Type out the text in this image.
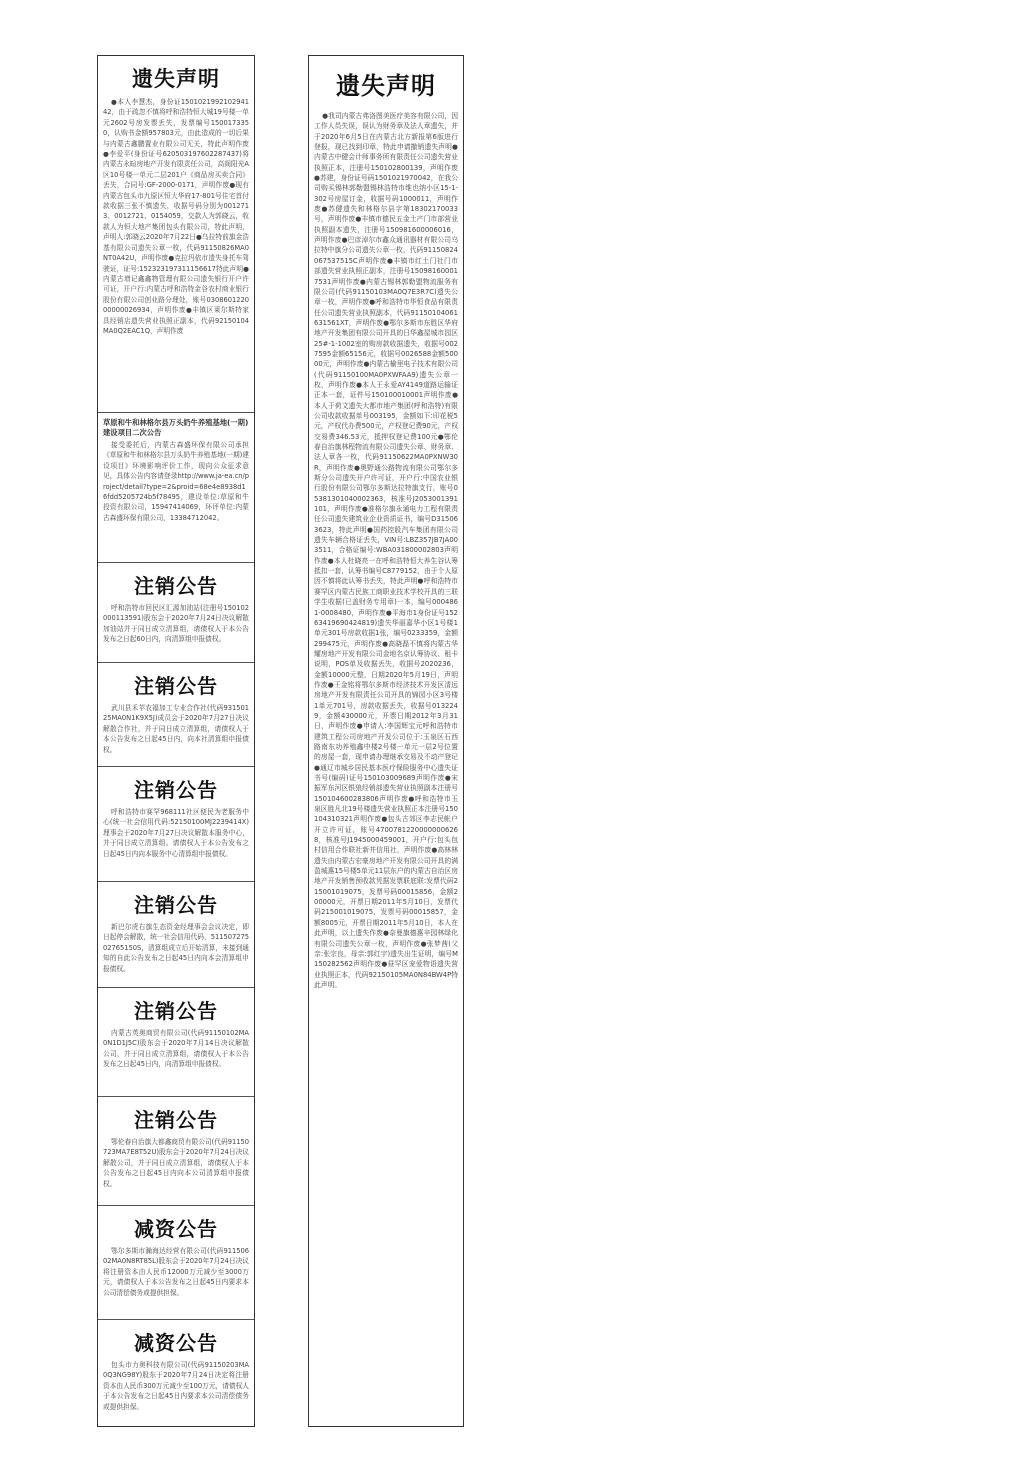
遗失声明

●本人李慧杰，身份证150102199210294142，由于疏忽不慎将呼和浩特恒大城19号楼一单元2602号房发票丢失，发票编号1500173350，认购书金额957803元，由此造成的一切后果与内蒙古鑫鹏置业有限公司无关，特此声明作废●李爱平(身份证号620503197602287437)将内蒙古永暄房地产开发有限责任公司，高阁阳光A区10号楼一单元二层201户《商品房买卖合同》丢失，合同号:GF-2000-0171，声明作废●现有内蒙古包头市九原区恒大华府17-801号住宅首付款收据三张不慎遗失，收据号码分别为0012713、0012721、0154059，交款人为郭晓云，收款人为恒大地产集团包头有限公司，特此声明，声明人:郭晓云2020年7月22日●乌拉特前旗金浩基有限公司遗失公章一枚，代码91150826MA0NT0A42U，声明作废●克拉玛依市遗失身托车驾驶证，证号:152323197311156617特此声明●内蒙古增记鑫鑫物管理有限公司遗失银行开户许可证，开户行:内蒙古呼和浩特金谷农村商业银行股份有限公司创业路分理处，账号030860122000000026934，声明作废●丰镇区莱尔斯特家具经销店遗失营业执照正副本，代码92150104MA0Q2EAC1Q，声明作废

草原和牛和林格尔县万头奶牛养殖基地(一期)建设项目二次公告

接受委托后，内蒙古森盛环保有限公司承担《草原和牛和林格尔县万头奶牛养殖基地(一期)建设项目》环境影响评价工作，现向公众征求意见，具体公告内容请登录http://www.ja-ea.cn/project/detail?type=2&proid=68e4e8938d16fdd5205724b5f78495，建设单位:草原和牛投资有限公司，15947414069，环评单位:内蒙古森盛环保有限公司，13384712042。

注销公告

呼和浩特市回民区汇源加油站(注册号150102000113591)股东会于2020年7月24日决议解散加油站并于同日成立清算组，请债权人于本公告发布之日起60日内，向清算组申报债权。

注销公告

武川县禾苹农福加工专业合作社(代码93150125MA0N1K9X5J)成员会于2020年7月27日决议解散合作社，并于同日成立清算组，请债权人于本公告发布之日起45日内，向本社清算组申报债权。

注销公告

呼和浩特市赛罕968111社区便民为老服务中心(统一社会信用代码:52150100MJ2239414X)理事会于2020年7月27日决议解散本服务中心，并于同日成立清算组。请债权人于本公告发布之日起45日内向本服务中心清算组申报债权。

注销公告

新巴尔虎右旗生态资金经理事会会议决定，即日起停会解散，统一社会信用代码，51150727502765150S，清算组成立后开始清算，未接到通知的自此公告发布之日起45日内向本会清算组申报债权。

注销公告

内蒙古英奥商贸有限公司(代码91150102MA0N1D1J5C)股东会于2020年7月14日决议解散公司，并于同日成立清算组，请债权人于本公告发布之日起45日内，向清算组申报债权。

注销公告

鄂伦春自治旗大都鑫商贸有限公司(代码91150723MA7E8T52U)股东会于2020年7月24日决议解散公司，并于同日成立清算组，请债权人于本公告发布之日起45日内向本公司清算组申报债权。

减资公告

鄂尔多斯市瀚海达经营有限公司(代码91150602MA0N8RT85L)股东会于2020年7月24日决议将注册资本由人民币12000万元减少至3000万元，请债权人于本公告发布之日起45日内要求本公司清偿债务或提供担保。

减资公告

包头市力奥科技有限公司(代码91150203MA0Q3NG98Y)股东于2020年7月24日决定将注册资本由人民币300万元减少至100万元，请债权人于本公告发布之日起45日内要求本公司清偿债务或提供担保。

遗失声明

●我司内蒙古弗洛图美医疗美容有限公司，因工作人员失误，误认为财务章及法人章遗失，并于2020年6月5日在内蒙古北方新报第6版进行登报，现已找到印章，特此申请撤销遗失声明●内蒙古中健会计师事务所有限责任公司遗失营业执照正本，注册号150102800139，声明作废●苏建，身份证号码1501021970042，在我公司购买锡林郭勒盟锡林浩特市维也纳小区15-1-302号房屋订金，收据号码1000011，声明作废●苏健遗失和林格尔县字第18302170033号，声明作废●丰镇市德民五金土产门市部营业执照副本遗失，注册号150981600006016，声明作废●巴彦淖尔市鑫众通讯器材有限公司乌拉特中旗分公司遗失公章一枚，代码91150824067537515C声明作废●丰镇市红土门社门市部遗失营业执照正副本，注册号150981600017531声明作废●内蒙古锡林郭勒盟物流服务有限公司(代码91150103MA0Q7E3R7C)遗失公章一枚，声明作废●呼和浩特市华恒食品有限责任公司遗失营业执照副本，代码91150104061631561XT，声明作废●鄂尔多斯市东胜区华府地产开发集团有限公司开具的日华鑫屋城市园区25#-1-1002室的购房款收据遗失，收据号0027595金额65156元，收据号0026588金额50000元，声明作废●内蒙古榆里电子技术有限公司(代码91150100MA0PXWFAA9)遗失公章一枚，声明作废●本人王永爱AY4149道路运输证正本一套，证件号150100010001声明作废●本人于荷文遗失大都市地产集团(呼和浩特)有限公司收款收据单号003195，金额如下:印花税5元，产权代办费500元，产权登记费90元，产权交易费346.53元，抵押权登记费100元●鄂伦春自治旗林程物流有限公司遗失公章、财务章、法人章各一枚，代码91150622MA0PXNW30R，声明作废●奥野通公路物流有限公司鄂尔多斯分公司遗失开户许可证，开户行:中国农业银行股份有限公司鄂尔多斯达拉特旗支行，账号05381301040002363，核准号J2053001391101，声明作废●准格尔旗永通电力工程有限责任公司遗失建筑业企业资质证书，编号D315063623，特此声明●国药控股汽车集团有限公司遗失车辆合格证丢失，VIN号:LBZ357JB7JA003511，合格证编号:WBA031800002803声明作废●本人杜晓亮一在呼和浩特恒大养生谷认筹抵扣一套，认筹书编号C8779152，由于个人原因不慎将此认筹书丢失，特此声明●呼和浩特市赛罕区内蒙古民族工商职业技术学校开具的三联学生收据(已盖财务专用章)一本，编号0004861-0008480，声明作废●平海市1身份证号15263419690424819)遗失华丽嘉华小区1号楼1单元301号房款收据1张，编号0233359，金额299475元，声明作废●高晓磊不慎将内蒙古华耀房地产开发有限公司金地名京认筹协议、租卡说明，POS单及收据丢失，收据号2020236，金额10000元整，日期2020年5月19日，声明作废●王金铭将鄂尔多斯市经济技术开发区清远房地产开发有限责任公司开具的锦园小区3号楼1单元701号，房款收据丢失，收据号0132249，金额430000元，开票日期2012年3月31日，声明作废●申请人:李国辉宝元呼和浩特市建筑工程公司房地产开发公司位于:玉泉区石西路南东功养殖鑫中楼2号楼一单元一层2号位置的房屋一套，现申请办理继承交易及不动产登记●通辽市城乡居民基本医疗保险服务中心遗失证书号(编码)证号150103009689声明作废●宋振军东河区银狼经销部遗失营业执照副本注册号150104600283806声明作废●呼和浩特市玉泉区胜凡北19号楼遗失营业执照正本注册号150104310321声明作废●包头古郊区李志民帐户开立许可证，账号47007812200000006268，核准号J1945000459001，开户行:包头包村信用合作联社新井信用社，声明作废●高林林遗失由内蒙古宏豪房地产开发有限公司开具的满盈城惠15号楼5单元11层东户的内蒙古自治区房地产开发销售预收款凭据发票联底联:发票代码215001019075，发票号码00015856，金额200000元，开票日期2011年5月10日，发票代码215001019075，发票号码00015857，金额8005元，开票日期2011年5月10日，本人在此声明，以上遗失作废●奈曼旗德惠辛园林绿化有限公司遗失公章一枚，声明作废●张梦茜(父亲:张宗良，母亲:郭红宇)遗失出生证明，编号M150282562声明作废●昼罕区宠爱物语遗失营业执照正本，代码92150105MA0N84BW4P特此声明。
